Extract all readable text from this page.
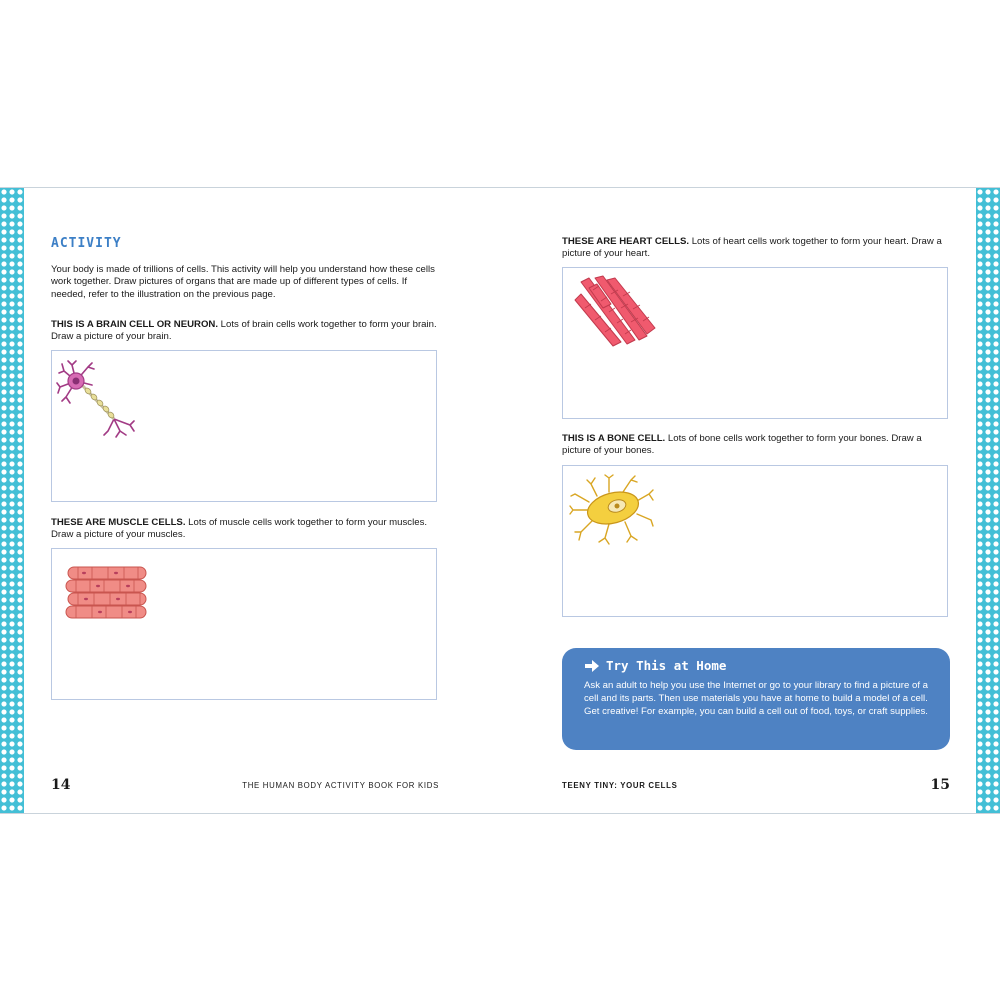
ACTIVITY

Your body is made of trillions of cells. This activity will help you understand how these cells work together. Draw pictures of organs that are made up of different types of cells. If needed, refer to the illustration on the previous page.

THIS IS A BRAIN CELL OR NEURON. Lots of brain cells work together to form your brain. Draw a picture of your brain.

THESE ARE MUSCLE CELLS. Lots of muscle cells work together to form your muscles. Draw a picture of your muscles.

14	THE HUMAN BODY ACTIVITY BOOK FOR KIDS

THESE ARE HEART CELLS. Lots of heart cells work together to form your heart. Draw a picture of your heart.

THIS IS A BONE CELL. Lots of bone cells work together to form your bones. Draw a picture of your bones.

Try This at Home

Ask an adult to help you use the Internet or go to your library to find a picture of a cell and its parts. Then use materials you have at home to build a model of a cell. Get creative! For example, you can build a cell out of food, toys, or craft supplies.

TEENY TINY: YOUR CELLS	15
